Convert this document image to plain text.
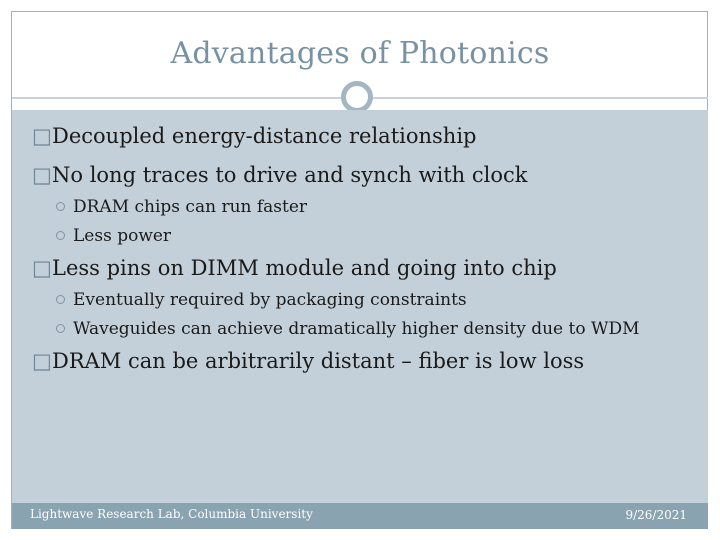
Advantages of Photonics
□Decoupled energy-distance relationship
□No long traces to drive and synch with clock
DRAM chips can run faster
Less power
□Less pins on DIMM module and going into chip
Eventually required by packaging constraints
Waveguides can achieve dramatically higher density due to WDM
□DRAM can be arbitrarily distant – fiber is low loss
Lightwave Research Lab, Columbia University	9/26/2021
